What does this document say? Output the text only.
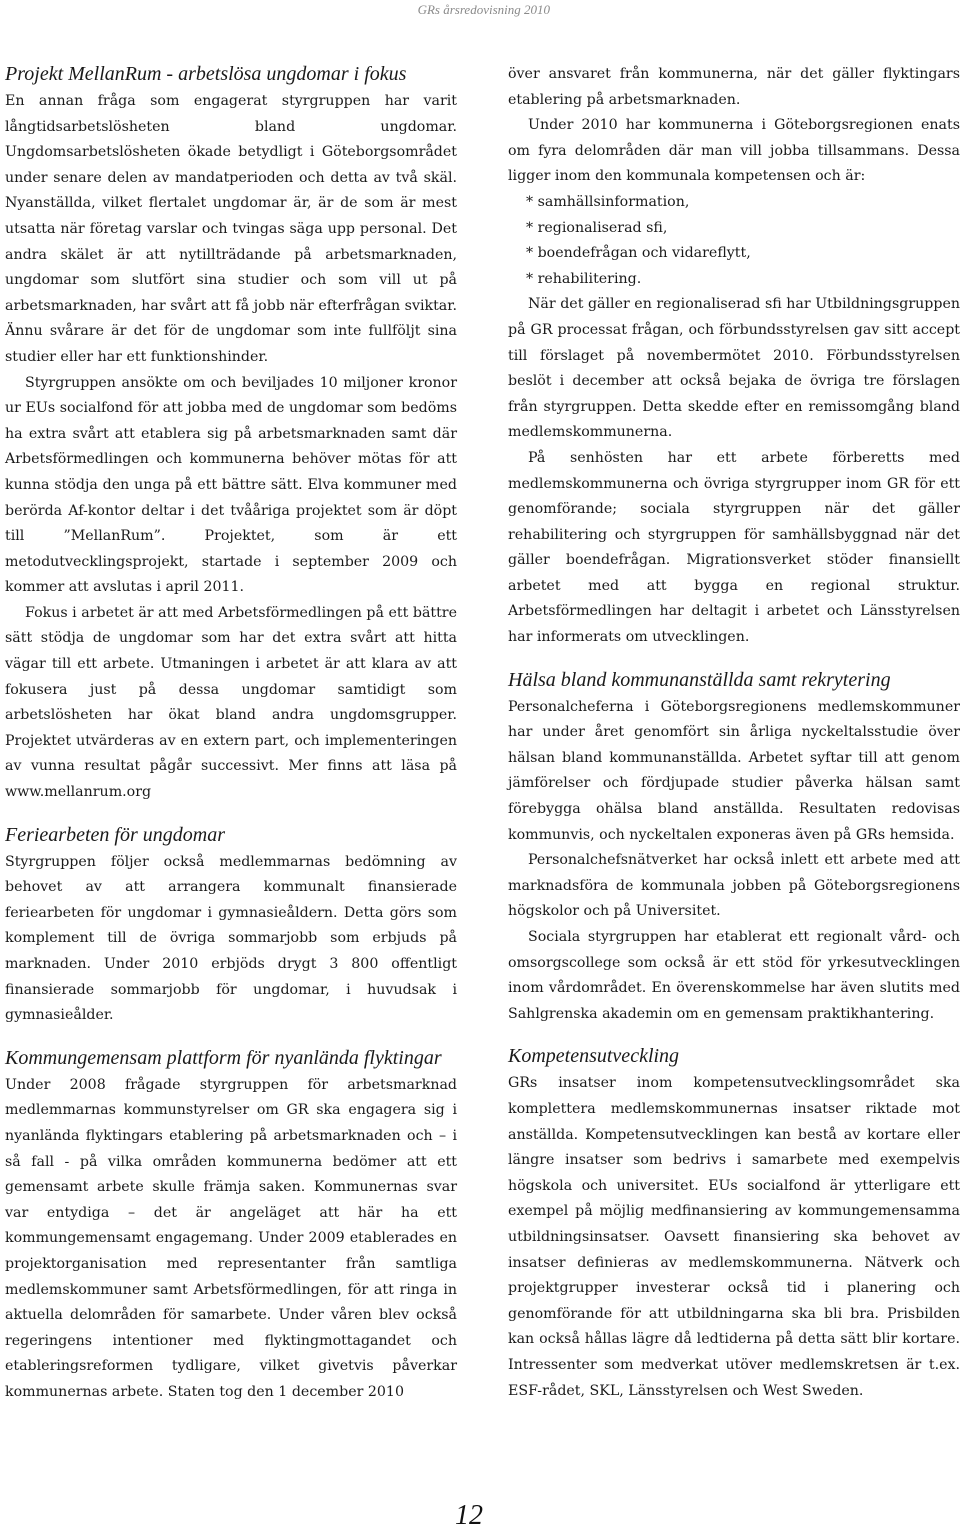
GRs årsredovisning 2010
Projekt MellanRum - arbetslösa ungdomar i fokus

En annan fråga som engagerat styrgruppen har varit långtidsarbetslösheten bland ungdomar. Ungdomsarbetslösheten ökade betydligt i Göteborgsområdet under senare delen av mandatperioden och detta av två skäl. Nyanställda, vilket flertalet ungdomar är, är de som är mest utsatta när företag varslar och tvingas säga upp personal. Det andra skälet är att nytillträdande på arbetsmarknaden, ungdomar som slutfört sina studier och som vill ut på arbetsmarknaden, har svårt att få jobb när efterfrågan sviktar. Ännu svårare är det för de ungdomar som inte fullföljt sina studier eller har ett funktionshinder.

Styrgruppen ansökte om och beviljades 10 miljoner kronor ur EUs socialfond för att jobba med de ungdomar som bedöms ha extra svårt att etablera sig på arbetsmarknaden samt där Arbetsförmedlingen och kommunerna behöver mötas för att kunna stödja den unga på ett bättre sätt. Elva kommuner med berörda Af-kontor deltar i det tvååriga projektet som är döpt till ”MellanRum”. Projektet, som är ett metodutvecklingsprojekt, startade i september 2009 och kommer att avslutas i april 2011.

Fokus i arbetet är att med Arbetsförmedlingen på ett bättre sätt stödja de ungdomar som har det extra svårt att hitta vägar till ett arbete. Utmaningen i arbetet är att klara av att fokusera just på dessa ungdomar samtidigt som arbetslösheten har ökat bland andra ungdomsgrupper. Projektet utvärderas av en extern part, och implementeringen av vunna resultat pågår successivt. Mer finns att läsa på www.mellanrum.org

Feriearbeten för ungdomar

Styrgruppen följer också medlemmarnas bedömning av behovet av att arrangera kommunalt finansierade feriearbeten för ungdomar i gymnasieåldern. Detta görs som komplement till de övriga sommarjobb som erbjuds på marknaden. Under 2010 erbjöds drygt 3 800 offentligt finansierade sommarjobb för ungdomar, i huvudsak i gymnasieålder.

Kommungemensam plattform för nyanlända flyktingar

Under 2008 frågade styrgruppen för arbetsmarknad medlemmarnas kommunstyrelser om GR ska engagera sig i nyanlända flyktingars etablering på arbetsmarknaden och – i så fall - på vilka områden kommunerna bedömer att ett gemensamt arbete skulle främja saken. Kommunernas svar var entydiga – det är angeläget att här ha ett kommungemensamt engagemang. Under 2009 etablerades en projektorganisation med representanter från samtliga medlemskommuner samt Arbetsförmedlingen, för att ringa in aktuella delområden för samarbete. Under våren blev också regeringens intentioner med flyktingmottagandet och etableringsreformen tydligare, vilket givetvis påverkar kommunernas arbete. Staten tog den 1 december 2010

över ansvaret från kommunerna, när det gäller flyktingars etablering på arbetsmarknaden.

Under 2010 har kommunerna i Göteborgsregionen enats om fyra delområden där man vill jobba tillsammans. Dessa ligger inom den kommunala kompetensen och är:

* samhällsinformation,
* regionaliserad sfi,
* boendefrågan och vidareflytt,
* rehabilitering.

När det gäller en regionaliserad sfi har Utbildningsgruppen på GR processat frågan, och förbundsstyrelsen gav sitt accept till förslaget på novembermötet 2010. Förbundsstyrelsen beslöt i december att också bejaka de övriga tre förslagen från styrgruppen. Detta skedde efter en remissomgång bland medlemskommunerna.

På senhösten har ett arbete förberetts med medlemskommunerna och övriga styrgrupper inom GR för ett genomförande; sociala styrgruppen när det gäller rehabilitering och styrgruppen för samhällsbyggnad när det gäller boendefrågan. Migrationsverket stöder finansiellt arbetet med att bygga en regional struktur. Arbetsförmedlingen har deltagit i arbetet och Länsstyrelsen har informerats om utvecklingen.

Hälsa bland kommunanställda samt rekrytering

Personalcheferna i Göteborgsregionens medlemskommuner har under året genomfört sin årliga nyckeltalsstudie över hälsan bland kommunanställda. Arbetet syftar till att genom jämförelser och fördjupade studier påverka hälsan samt förebygga ohälsa bland anställda. Resultaten redovisas kommunvis, och nyckeltalen exponeras även på GRs hemsida.

Personalchefsnätverket har också inlett ett arbete med att marknadsföra de kommunala jobben på Göteborgsregionens högskolor och på Universitet.

Sociala styrgruppen har etablerat ett regionalt vård- och omsorgscollege som också är ett stöd för yrkesutvecklingen inom vårdområdet. En överenskommelse har även slutits med Sahlgrenska akademin om en gemensam praktikhantering.

Kompetensutveckling

GRs insatser inom kompetensutvecklingsområdet ska komplettera medlemskommunernas insatser riktade mot anställda. Kompetensutvecklingen kan bestå av kortare eller längre insatser som bedrivs i samarbete med exempelvis högskola och universitet. EUs socialfond är ytterligare ett exempel på möjlig medfinansiering av kommungemensamma utbildningsinsatser. Oavsett finansiering ska behovet av insatser definieras av medlemskommunerna. Nätverk och projektgrupper investerar också tid i planering och genomförande för att utbildningarna ska bli bra. Prisbilden kan också hållas lägre då ledtiderna på detta sätt blir kortare. Intressenter som medverkat utöver medlemskretsen är t.ex. ESF-rådet, SKL, Länsstyrelsen och West Sweden.

12
